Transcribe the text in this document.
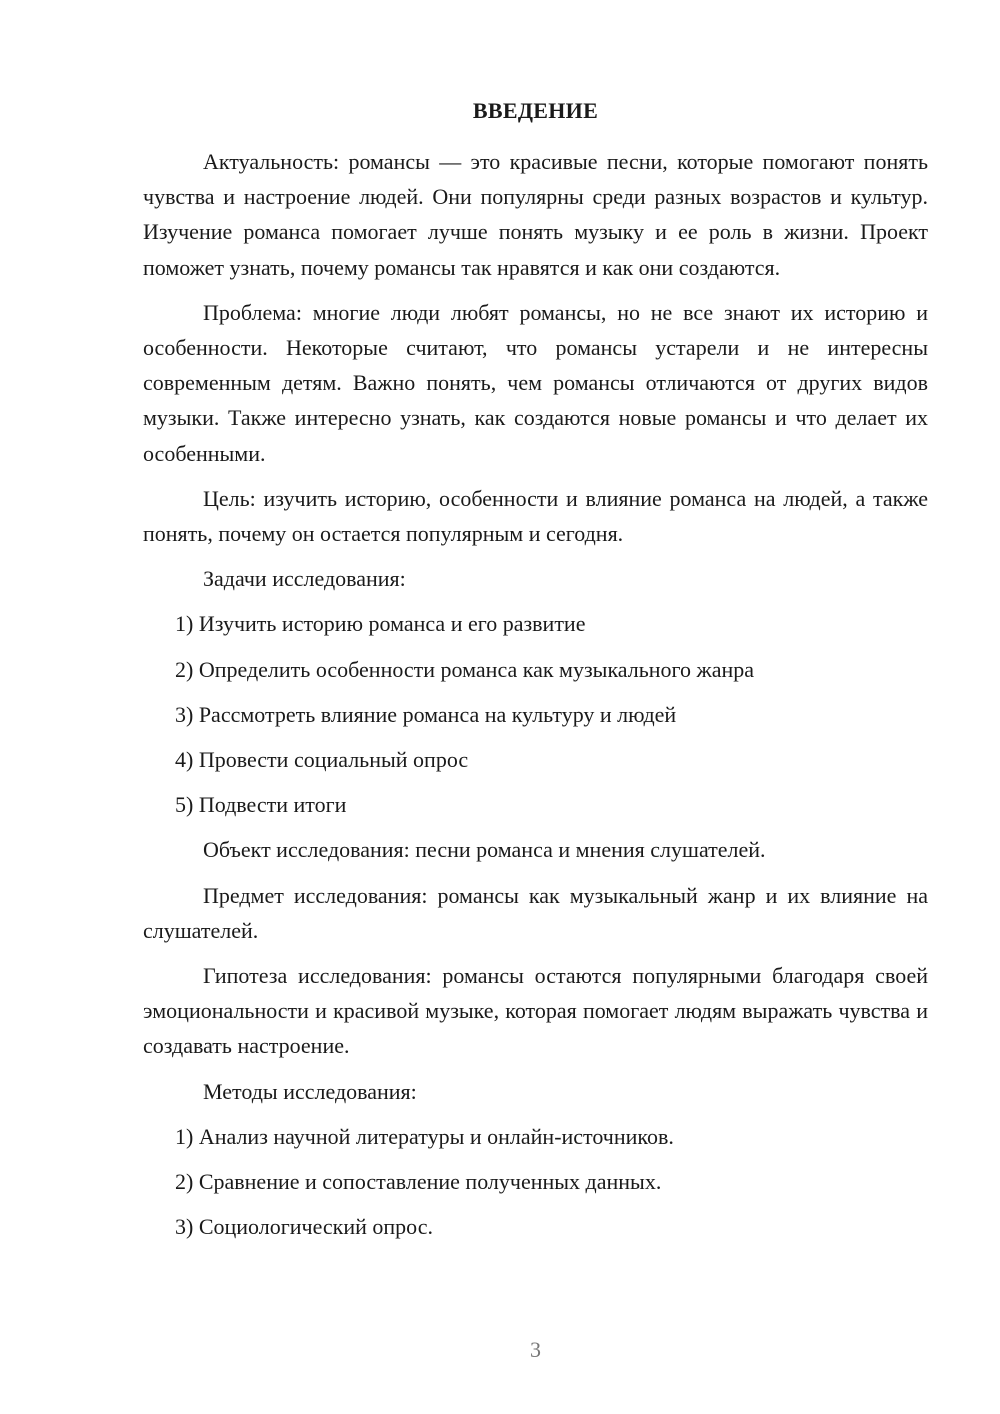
ВВЕДЕНИЕ

Актуальность: романсы — это красивые песни, которые помогают понять чувства и настроение людей. Они популярны среди разных возрастов и культур. Изучение романса помогает лучше понять музыку и ее роль в жизни. Проект поможет узнать, почему романсы так нравятся и как они создаются.

Проблема: многие люди любят романсы, но не все знают их историю и особенности. Некоторые считают, что романсы устарели и не интересны современным детям. Важно понять, чем романсы отличаются от других видов музыки. Также интересно узнать, как создаются новые романсы и что делает их особенными.

Цель: изучить историю, особенности и влияние романса на людей, а также понять, почему он остается популярным и сегодня.

Задачи исследования:

1) Изучить историю романса и его развитие

2) Определить особенности романса как музыкального жанра

3) Рассмотреть влияние романса на культуру и людей

4) Провести социальный опрос

5) Подвести итоги

Объект исследования: песни романса и мнения слушателей.

Предмет исследования: романсы как музыкальный жанр и их влияние на слушателей.

Гипотеза исследования: романсы остаются популярными благодаря своей эмоциональности и красивой музыке, которая помогает людям выражать чувства и создавать настроение.

Методы исследования:

1) Анализ научной литературы и онлайн-источников.

2) Сравнение и сопоставление полученных данных.

3) Социологический опрос.

3
